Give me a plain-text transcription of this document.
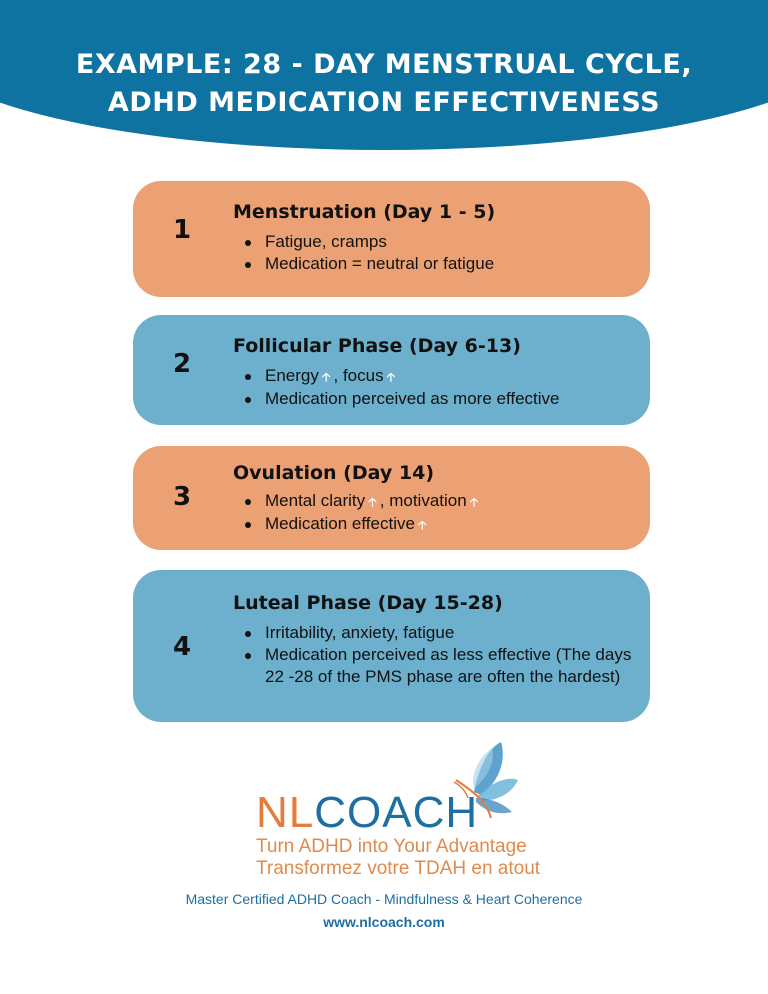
EXAMPLE: 28 - DAY MENSTRUAL CYCLE,
ADHD MEDICATION EFFECTIVENESS
1
Menstruation (Day 1 - 5)
Fatigue, cramps
Medication = neutral or fatigue
2
Follicular Phase (Day 6-13)
Energy 🡡 , focus 🡡
Medication perceived as more effective
3
Ovulation (Day 14)
Mental clarity 🡡 , motivation 🡡
Medication effective 🡡
4
Luteal Phase (Day 15-28)
Irritability, anxiety, fatigue
Medication perceived as less effective (The days
22 -28 of the PMS phase are often the hardest)
NLCOACH
Turn ADHD into Your Advantage
Transformez votre TDAH en atout
Master Certified ADHD Coach - Mindfulness & Heart Coherence
www.nlcoach.com
